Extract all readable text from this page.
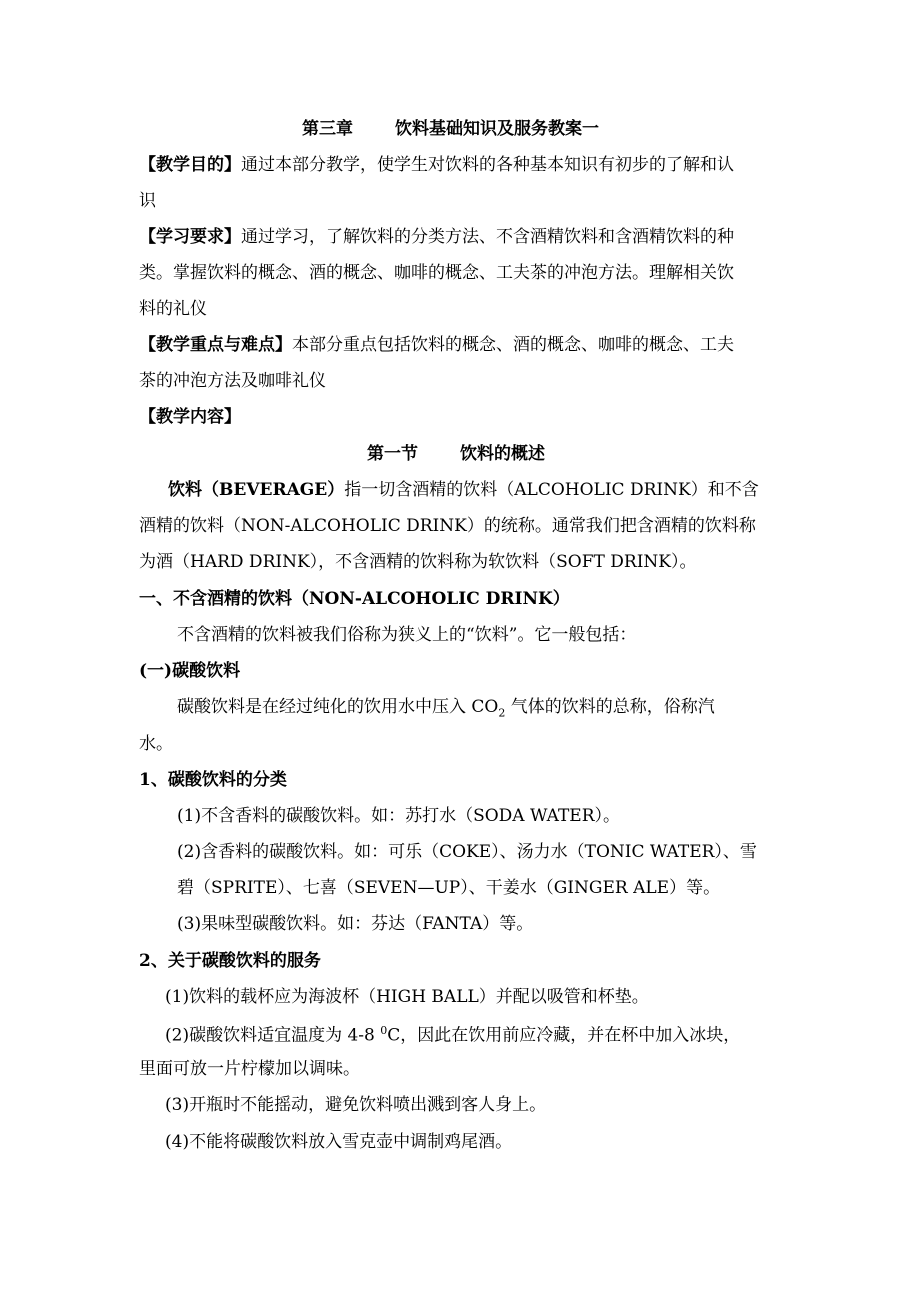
第三章 饮料基础知识及服务教案一
【教学目的】通过本部分教学，使学生对饮料的各种基本知识有初步的了解和认
识
【学习要求】通过学习，了解饮料的分类方法、不含酒精饮料和含酒精饮料的种
类。掌握饮料的概念、酒的概念、咖啡的概念、工夫茶的冲泡方法。理解相关饮
料的礼仪
【教学重点与难点】本部分重点包括饮料的概念、酒的概念、咖啡的概念、工夫
茶的冲泡方法及咖啡礼仪
【教学内容】
第一节 饮料的概述
饮料（BEVERAGE）指一切含酒精的饮料（ALCOHOLIC DRINK）和不含
酒精的饮料（NON-ALCOHOLIC DRINK）的统称。通常我们把含酒精的饮料称
为酒（HARD DRINK），不含酒精的饮料称为软饮料（SOFT DRINK）。
一、不含酒精的饮料（NON-ALCOHOLIC DRINK）
不含酒精的饮料被我们俗称为狭义上的“饮料”。它一般包括：
(一)碳酸饮料
碳酸饮料是在经过纯化的饮用水中压入 $CO_2$ 气体的饮料的总称，俗称汽
水。
1、碳酸饮料的分类
(1)不含香料的碳酸饮料。如：苏打水（SODA WATER）。
(2)含香料的碳酸饮料。如：可乐（COKE）、汤力水（TONIC WATER）、雪
碧（SPRITE）、七喜（SEVEN—UP）、干姜水（GINGER ALE）等。
(3)果味型碳酸饮料。如：芬达（FANTA）等。
2、关于碳酸饮料的服务
(1)饮料的载杯应为海波杯（HIGH BALL）并配以吸管和杯垫。
(2)碳酸饮料适宜温度为 4-8 $^0$C，因此在饮用前应冷藏，并在杯中加入冰块，
里面可放一片柠檬加以调味。
(3)开瓶时不能摇动，避免饮料喷出溅到客人身上。
(4)不能将碳酸饮料放入雪克壶中调制鸡尾酒。
